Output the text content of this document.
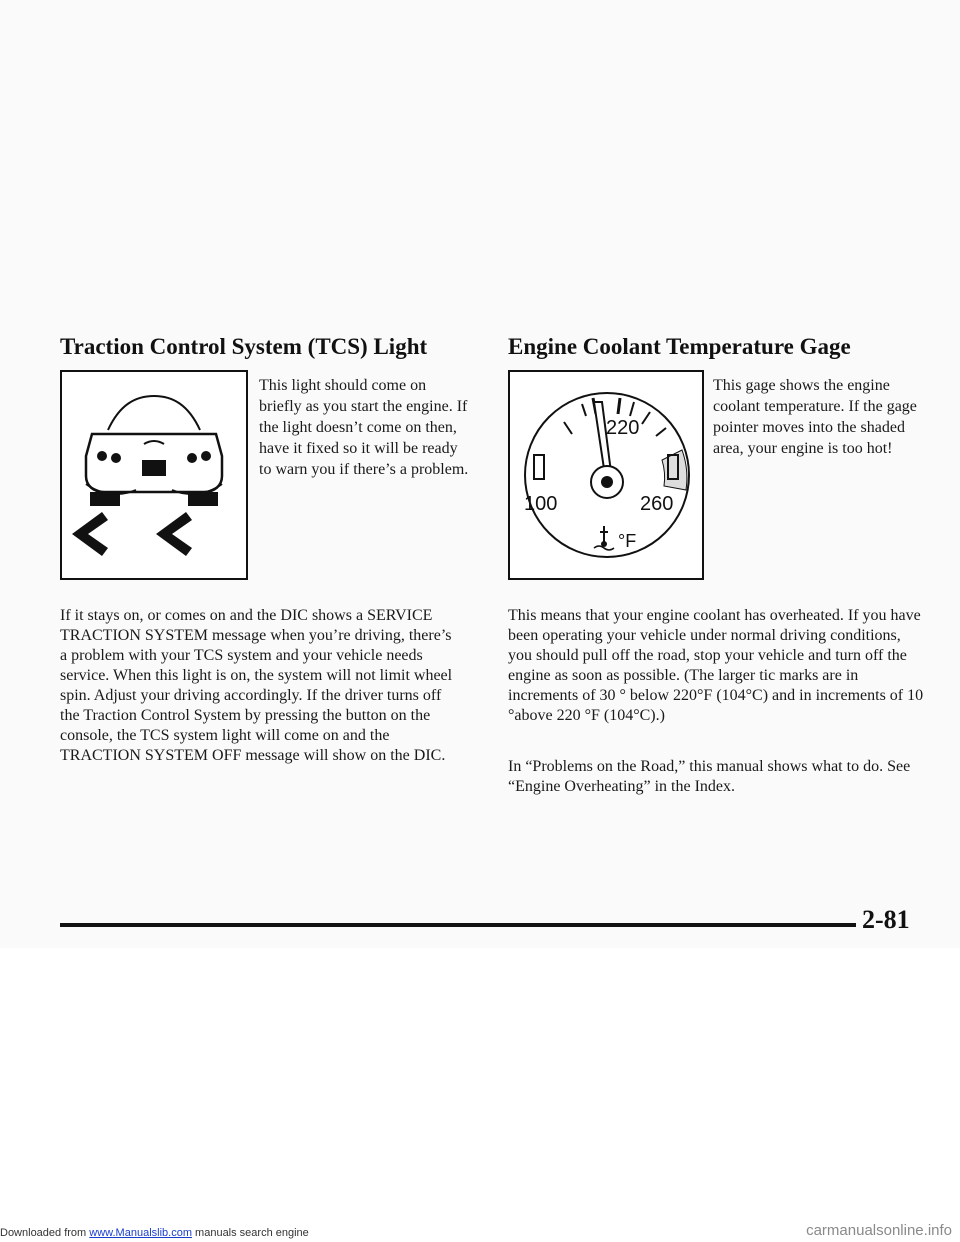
Traction Control System (TCS) Light

This light should come on briefly as you start the engine. If the light doesn’t come on then, have it fixed so it will be ready to warn you if there’s a problem.

If it stays on, or comes on and the DIC shows a SERVICE TRACTION SYSTEM message when you’re driving, there’s a problem with your TCS system and your vehicle needs service. When this light is on, the system will not limit wheel spin. Adjust your driving accordingly. If the driver turns off the Traction Control System by pressing the button on the console, the TCS system light will come on and the TRACTION SYSTEM OFF message will show on the DIC.

Engine Coolant Temperature Gage
220
100	260
°F

This gage shows the engine coolant temperature. If the gage pointer moves into the shaded area, your engine is too hot!

This means that your engine coolant has overheated. If you have been operating your vehicle under normal driving conditions, you should pull off the road, stop your vehicle and turn off the engine as soon as possible. (The larger tic marks are in increments of 30 ° below 220°F (104°C) and in increments of 10 °above 220 °F (104°C).)

In “Problems on the Road,” this manual shows what to do. See “Engine Overheating” in the Index.

2-81
Downloaded from www.Manualslib.com manuals search engine	carmanualsonline.info
